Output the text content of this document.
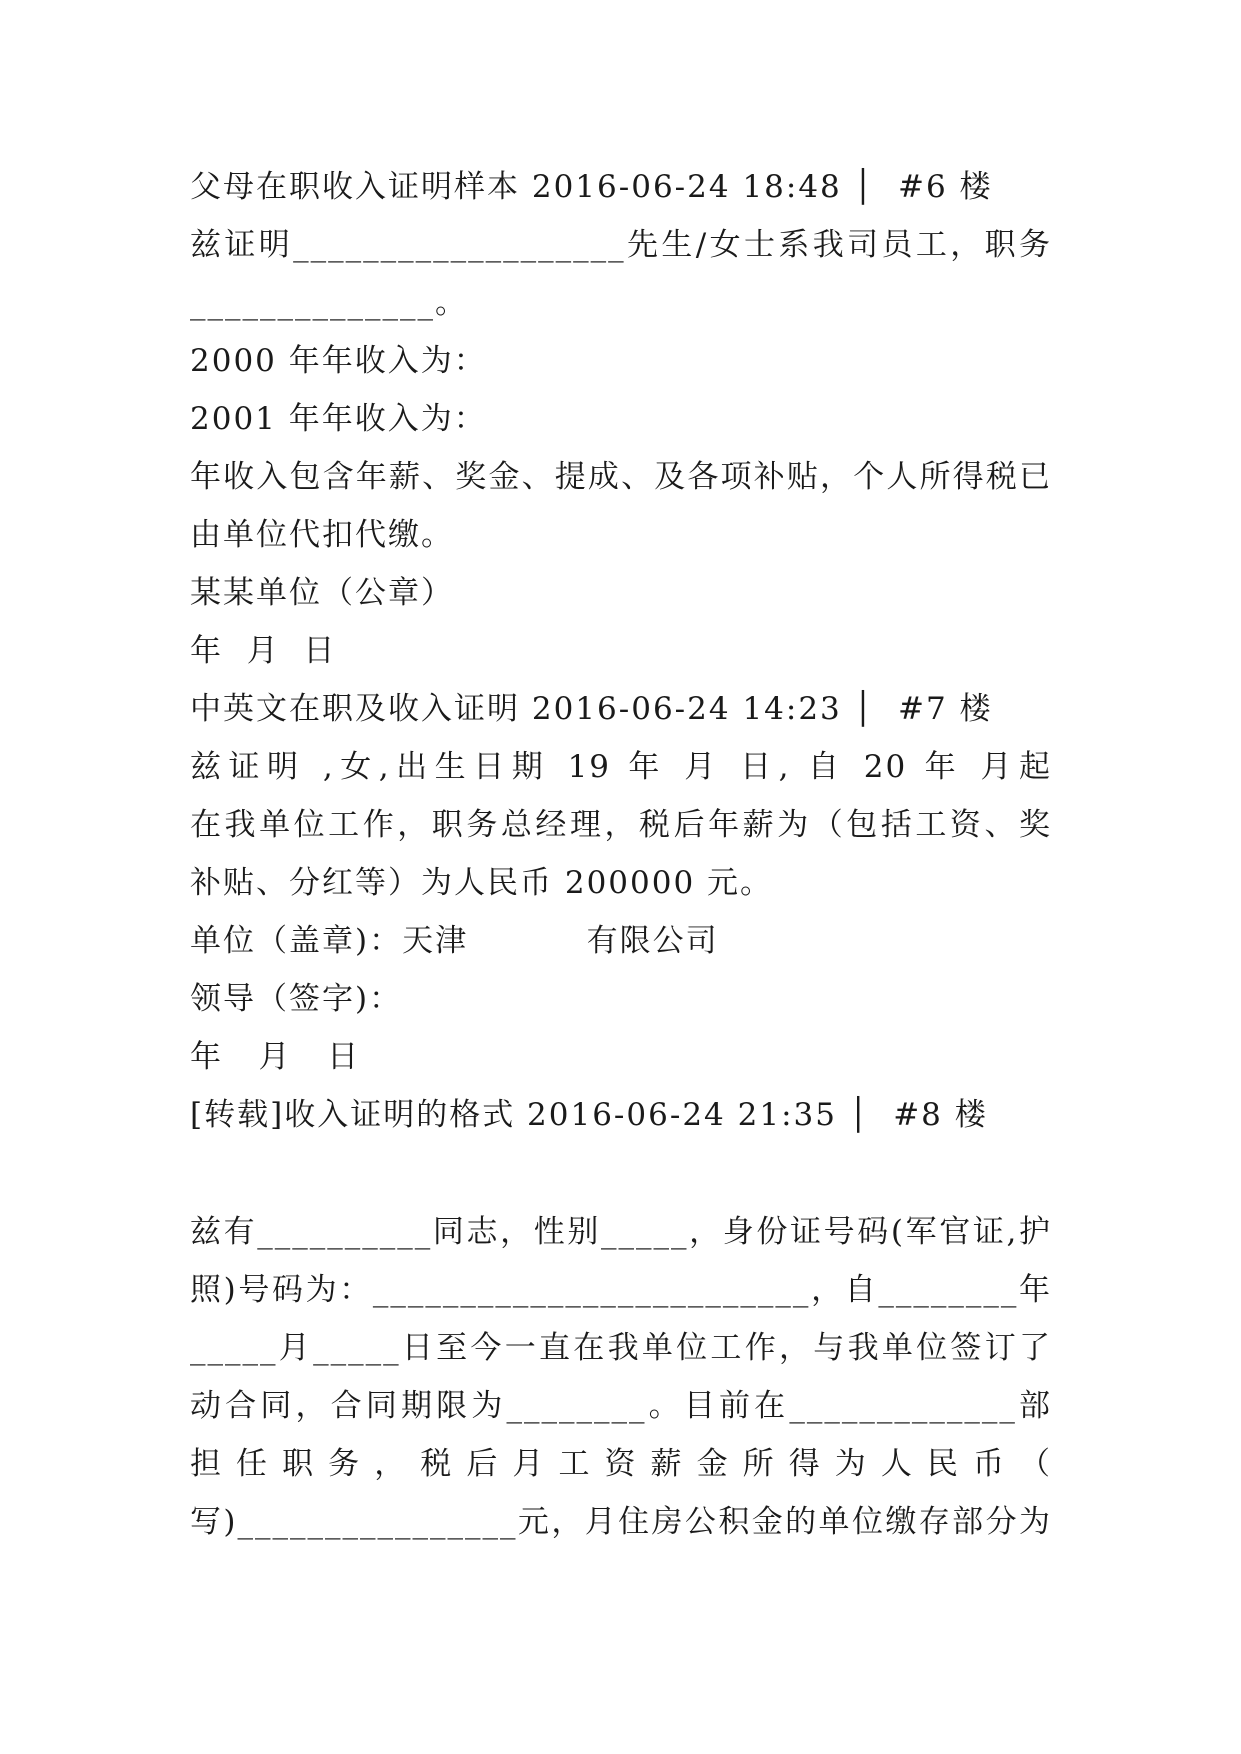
父母在职收入证明样本 2016-06-24 18:48 │  #6 楼
兹证明___________________先生/女士系我司员工，职务
______________。
2000 年年收入为：
2001 年年收入为：
年收入包含年薪、奖金、提成、及各项补贴，个人所得税已
由单位代扣代缴。
某某单位（公章）
年  月  日
中英文在职及收入证明 2016-06-24 14:23 │  #7 楼
兹证明 ,女,出生日期 19 年 月 日, 自 20 年 月起
在我单位工作，职务总经理，税后年薪为（包括工资、奖
补贴、分红等）为人民币 200000 元。
单位（盖章)：天津          有限公司
领导（签字)：
年   月   日
[转载]收入证明的格式 2016-06-24 21:35 │  #8 楼
兹有__________同志，性别_____，身份证号码(军官证,护
照)号码为：_________________________，自________年
_____月_____日至今一直在我单位工作，与我单位签订了
动合同，合同期限为________。目前在_____________部
担 任 职 务 ， 税 后 月 工 资 薪 金 所 得 为 人 民 币 （
写)________________元，月住房公积金的单位缴存部分为
